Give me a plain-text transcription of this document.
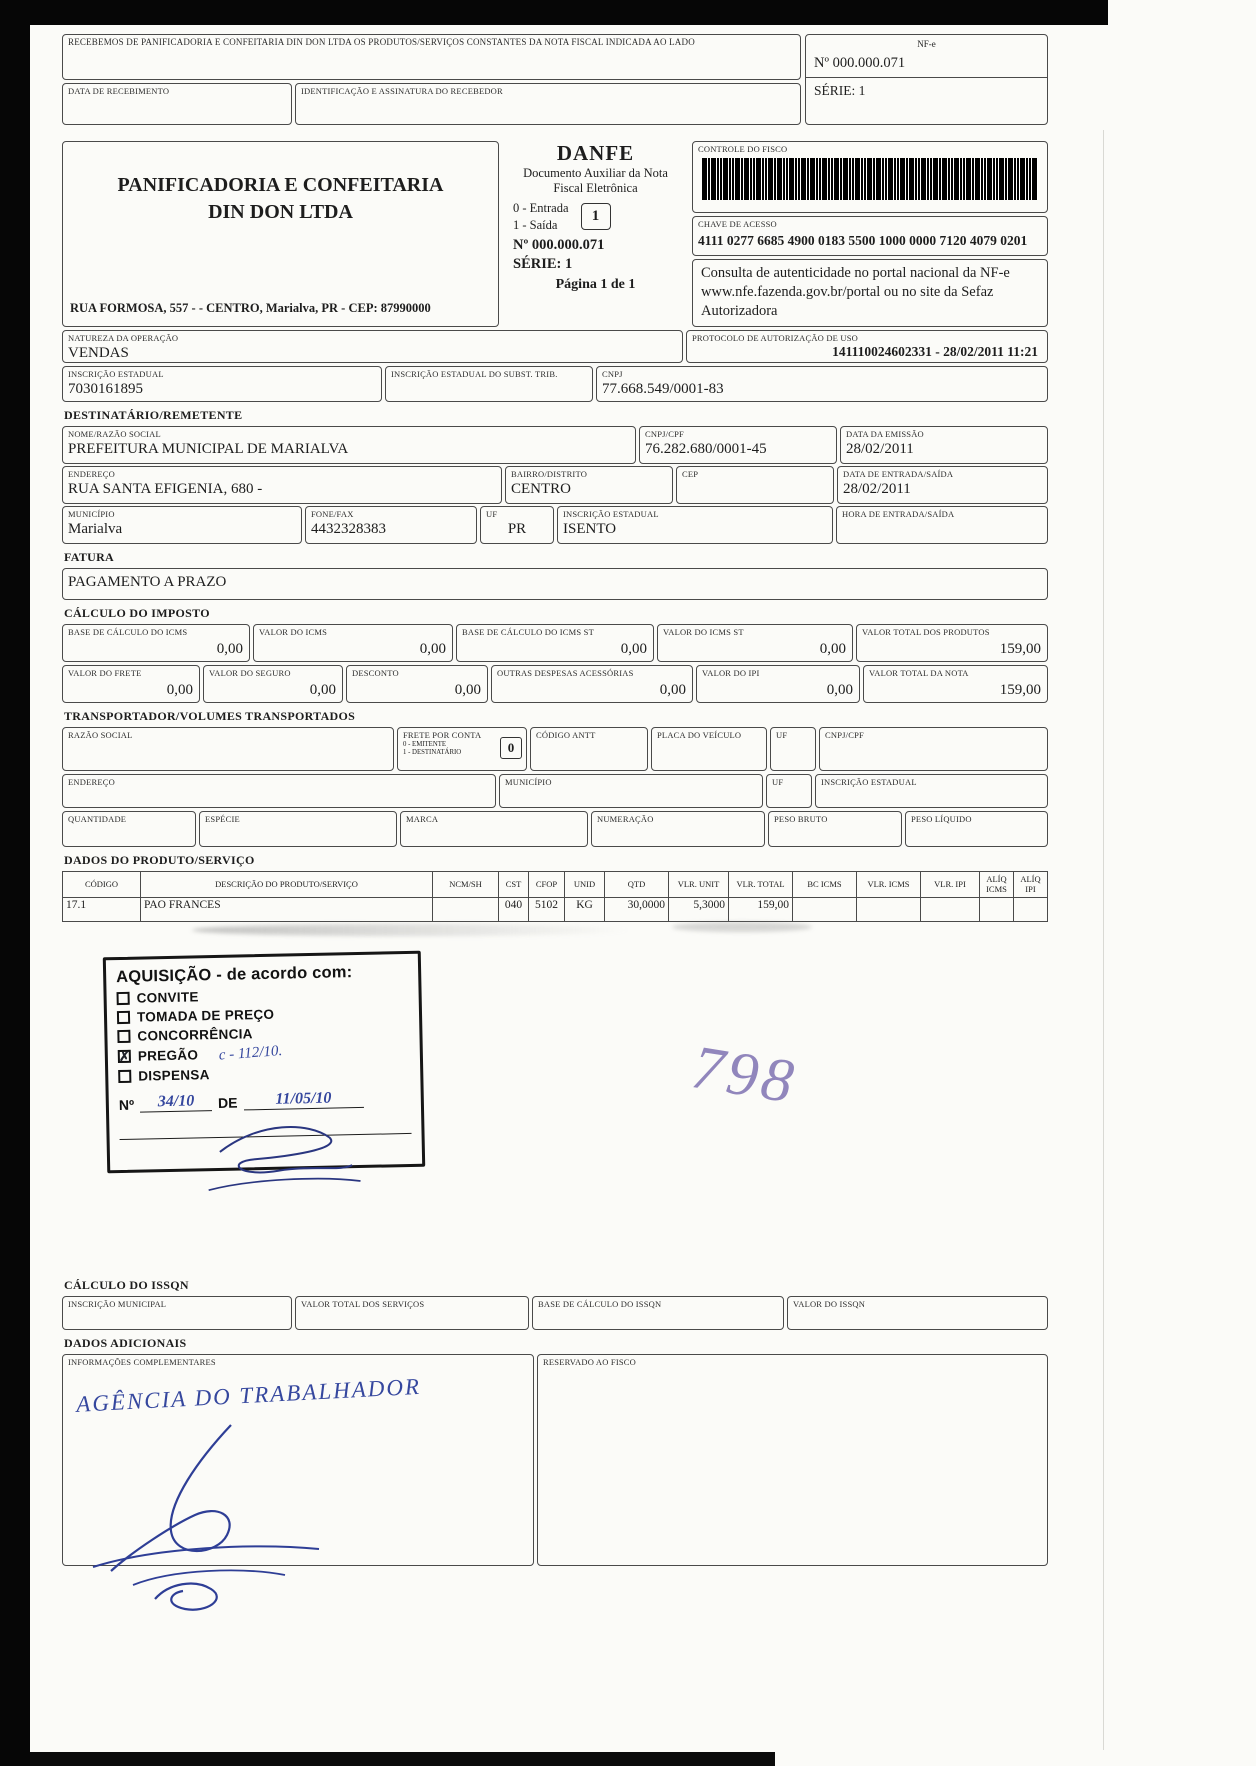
RECEBEMOS DE PANIFICADORIA E CONFEITARIA DIN DON LTDA OS PRODUTOS/SERVIÇOS CONSTANTES DA NOTA FISCAL INDICADA AO LADO
DATA DE RECEBIMENTO	IDENTIFICAÇÃO E ASSINATURA DO RECEBEDOR
NF-e
Nº 000.000.071
SÉRIE: 1
PANIFICADORIA E CONFEITARIA DIN DON LTDA
RUA FORMOSA, 557 - - CENTRO, Marialva, PR - CEP: 87990000
DANFE
Documento Auxiliar da Nota Fiscal Eletrônica
0 - Entrada
1 - Saída
1
Nº 000.000.071
SÉRIE: 1
Página 1 de 1
CONTROLE DO FISCO
CHAVE DE ACESSO
4111 0277 6685 4900 0183 5500 1000 0000 7120 4079 0201
Consulta de autenticidade no portal nacional da NF-e www.nfe.fazenda.gov.br/portal ou no site da Sefaz Autorizadora
NATUREZA DA OPERAÇÃO
VENDAS
PROTOCOLO DE AUTORIZAÇÃO DE USO
141110024602331 - 28/02/2011 11:21
INSCRIÇÃO ESTADUAL
7030161895
INSCRIÇÃO ESTADUAL DO SUBST. TRIB.	CNPJ
77.668.549/0001-83
DESTINATÁRIO/REMETENTE
NOME/RAZÃO SOCIAL
PREFEITURA MUNICIPAL DE MARIALVA
CNPJ/CPF
76.282.680/0001-45
DATA DA EMISSÃO
28/02/2011
ENDEREÇO
RUA SANTA EFIGENIA, 680 -
BAIRRO/DISTRITO
CENTRO
CEP	DATA DE ENTRADA/SAÍDA
28/02/2011
MUNICÍPIO
Marialva
FONE/FAX
4432328383
UF
PR
INSCRIÇÃO ESTADUAL
ISENTO
HORA DE ENTRADA/SAÍDA
FATURA
PAGAMENTO A PRAZO
CÁLCULO DO IMPOSTO
BASE DE CÁLCULO DO ICMS
0,00
VALOR DO ICMS
0,00
BASE DE CÁLCULO DO ICMS ST
0,00
VALOR DO ICMS ST
0,00
VALOR TOTAL DOS PRODUTOS
159,00
VALOR DO FRETE
0,00
VALOR DO SEGURO
0,00
DESCONTO
0,00
OUTRAS DESPESAS ACESSÓRIAS
0,00
VALOR DO IPI
0,00
VALOR TOTAL DA NOTA
159,00
TRANSPORTADOR/VOLUMES TRANSPORTADOS
RAZÃO SOCIAL	FRETE POR CONTA
0 - EMITENTE
1 - DESTINATÁRIO	0
CÓDIGO ANTT	PLACA DO VEÍCULO	UF	CNPJ/CPF
ENDEREÇO	MUNICÍPIO	UF	INSCRIÇÃO ESTADUAL
QUANTIDADE	ESPÉCIE	MARCA	NUMERAÇÃO	PESO BRUTO	PESO LÍQUIDO
DADOS DO PRODUTO/SERVIÇO
CÓDIGO	DESCRIÇÃO DO PRODUTO/SERVIÇO	NCM/SH	CST	CFOP	UNID	QTD	VLR. UNIT	VLR. TOTAL	BC ICMS	VLR. ICMS	VLR. IPI	ALÍQ ICMS	ALÍQ IPI
17.1	PAO FRANCES		040	5102	KG	30,0000	5,3000	159,00					
AQUISIÇÃO - de acordo com:
CONVITE
TOMADA DE PREÇO
CONCORRÊNCIA
✗ PREGÃO c - 112/10.
DISPENSA
Nº	34/10	DE	11/05/10	798
CÁLCULO DO ISSQN
INSCRIÇÃO MUNICIPAL	VALOR TOTAL DOS SERVIÇOS	BASE DE CÁLCULO DO ISSQN	VALOR DO ISSQN
DADOS ADICIONAIS
INFORMAÇÕES COMPLEMENTARES
AGÊNCIA DO TRABALHADOR
RESERVADO AO FISCO
